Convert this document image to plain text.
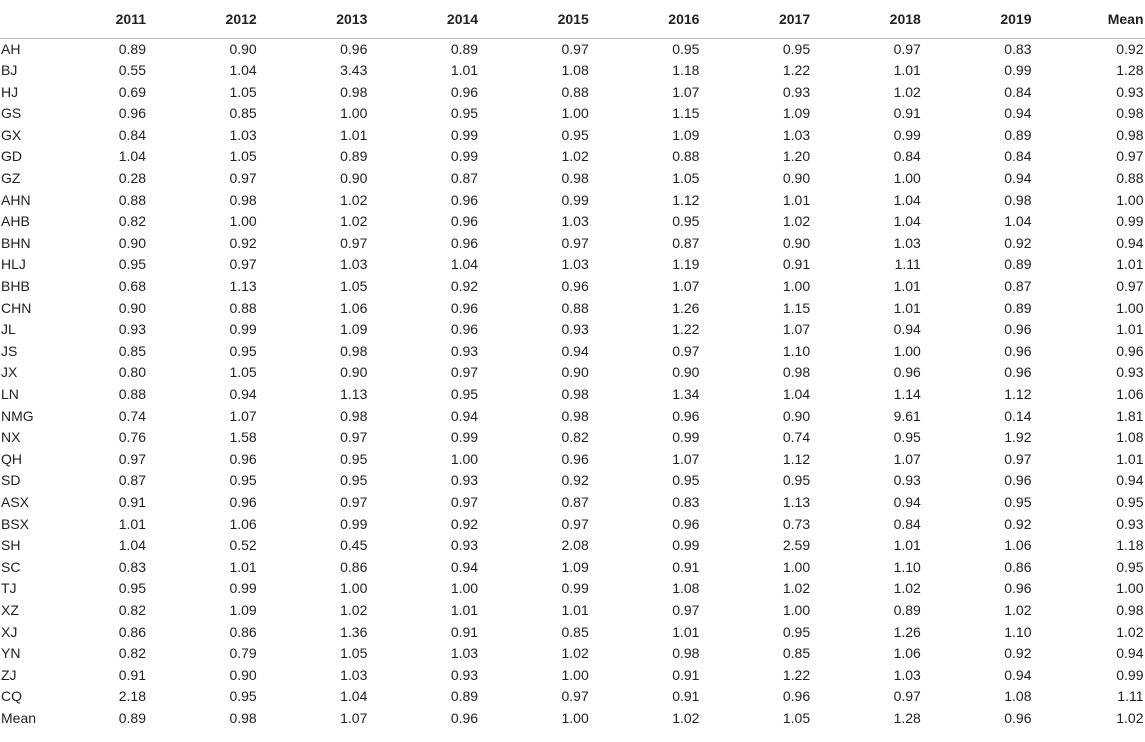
	2011	2012	2013	2014	2015	2016	2017	2018	2019	Mean
AH	0.89	0.90	0.96	0.89	0.97	0.95	0.95	0.97	0.83	0.92
BJ	0.55	1.04	3.43	1.01	1.08	1.18	1.22	1.01	0.99	1.28
HJ	0.69	1.05	0.98	0.96	0.88	1.07	0.93	1.02	0.84	0.93
GS	0.96	0.85	1.00	0.95	1.00	1.15	1.09	0.91	0.94	0.98
GX	0.84	1.03	1.01	0.99	0.95	1.09	1.03	0.99	0.89	0.98
GD	1.04	1.05	0.89	0.99	1.02	0.88	1.20	0.84	0.84	0.97
GZ	0.28	0.97	0.90	0.87	0.98	1.05	0.90	1.00	0.94	0.88
AHN	0.88	0.98	1.02	0.96	0.99	1.12	1.01	1.04	0.98	1.00
AHB	0.82	1.00	1.02	0.96	1.03	0.95	1.02	1.04	1.04	0.99
BHN	0.90	0.92	0.97	0.96	0.97	0.87	0.90	1.03	0.92	0.94
HLJ	0.95	0.97	1.03	1.04	1.03	1.19	0.91	1.11	0.89	1.01
BHB	0.68	1.13	1.05	0.92	0.96	1.07	1.00	1.01	0.87	0.97
CHN	0.90	0.88	1.06	0.96	0.88	1.26	1.15	1.01	0.89	1.00
JL	0.93	0.99	1.09	0.96	0.93	1.22	1.07	0.94	0.96	1.01
JS	0.85	0.95	0.98	0.93	0.94	0.97	1.10	1.00	0.96	0.96
JX	0.80	1.05	0.90	0.97	0.90	0.90	0.98	0.96	0.96	0.93
LN	0.88	0.94	1.13	0.95	0.98	1.34	1.04	1.14	1.12	1.06
NMG	0.74	1.07	0.98	0.94	0.98	0.96	0.90	9.61	0.14	1.81
NX	0.76	1.58	0.97	0.99	0.82	0.99	0.74	0.95	1.92	1.08
QH	0.97	0.96	0.95	1.00	0.96	1.07	1.12	1.07	0.97	1.01
SD	0.87	0.95	0.95	0.93	0.92	0.95	0.95	0.93	0.96	0.94
ASX	0.91	0.96	0.97	0.97	0.87	0.83	1.13	0.94	0.95	0.95
BSX	1.01	1.06	0.99	0.92	0.97	0.96	0.73	0.84	0.92	0.93
SH	1.04	0.52	0.45	0.93	2.08	0.99	2.59	1.01	1.06	1.18
SC	0.83	1.01	0.86	0.94	1.09	0.91	1.00	1.10	0.86	0.95
TJ	0.95	0.99	1.00	1.00	0.99	1.08	1.02	1.02	0.96	1.00
XZ	0.82	1.09	1.02	1.01	1.01	0.97	1.00	0.89	1.02	0.98
XJ	0.86	0.86	1.36	0.91	0.85	1.01	0.95	1.26	1.10	1.02
YN	0.82	0.79	1.05	1.03	1.02	0.98	0.85	1.06	0.92	0.94
ZJ	0.91	0.90	1.03	0.93	1.00	0.91	1.22	1.03	0.94	0.99
CQ	2.18	0.95	1.04	0.89	0.97	0.91	0.96	0.97	1.08	1.11
Mean	0.89	0.98	1.07	0.96	1.00	1.02	1.05	1.28	0.96	1.02
